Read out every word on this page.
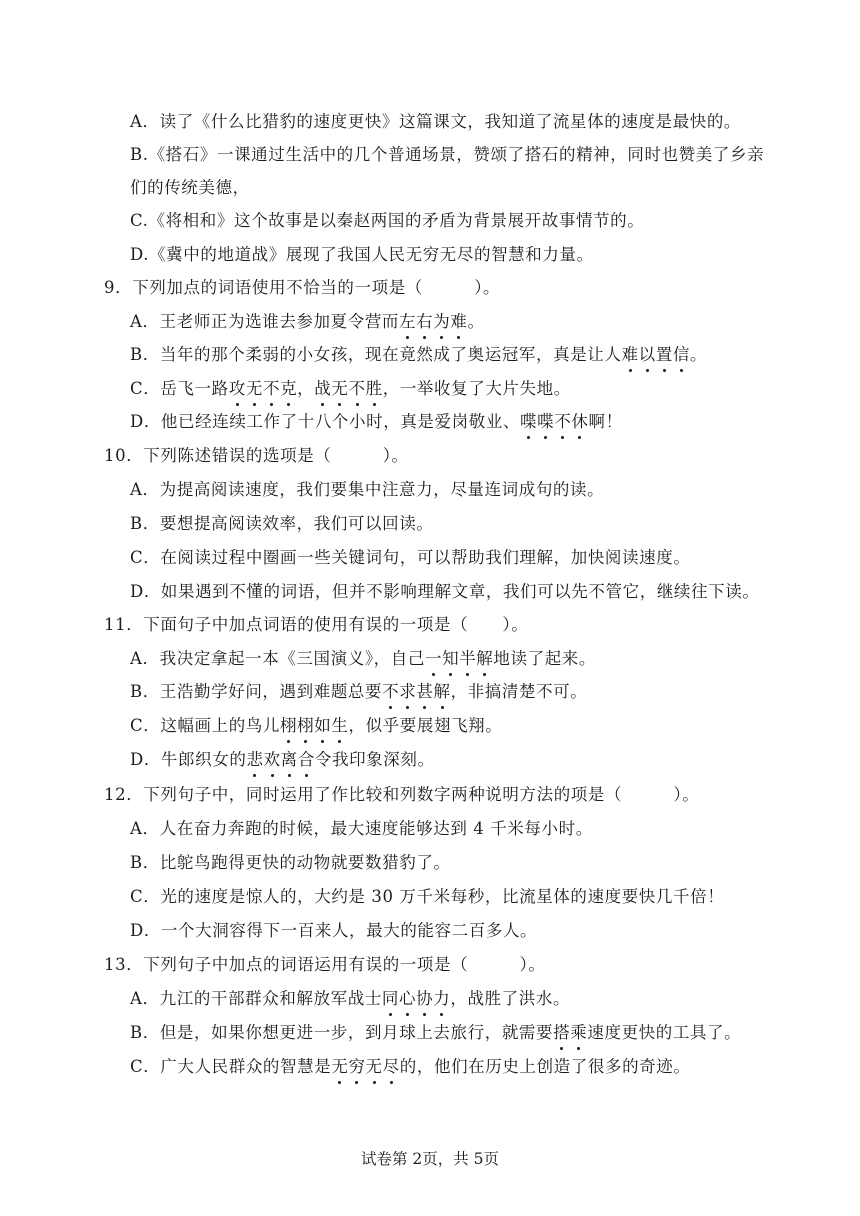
A．读了《什么比猎豹的速度更快》这篇课文，我知道了流星体的速度是最快的。
B.《搭石》一课通过生活中的几个普通场景，赞颂了搭石的精神，同时也赞美了乡亲
们的传统美德，
C.《将相和》这个故事是以秦赵两国的矛盾为背景展开故事情节的。
D.《冀中的地道战》展现了我国人民无穷无尽的智慧和力量。
9．下列加点的词语使用不恰当的一项是（　　　）。
A．王老师正为选谁去参加夏令营而左右为难。
B．当年的那个柔弱的小女孩，现在竟然成了奥运冠军，真是让人难以置信。
C．岳飞一路攻无不克，战无不胜，一举收复了大片失地。
D．他已经连续工作了十八个小时，真是爱岗敬业、喋喋不休啊！
10．下列陈述错误的选项是（　　　）。
A．为提高阅读速度，我们要集中注意力，尽量连词成句的读。
B．要想提高阅读效率，我们可以回读。
C．在阅读过程中圈画一些关键词句，可以帮助我们理解，加快阅读速度。
D．如果遇到不懂的词语，但并不影响理解文章，我们可以先不管它，继续往下读。
11．下面句子中加点词语的使用有误的一项是（　　）。
A．我决定拿起一本《三国演义》，自己一知半解地读了起来。
B．王浩勤学好问，遇到难题总要不求甚解，非搞清楚不可。
C．这幅画上的鸟儿栩栩如生，似乎要展翅飞翔。
D．牛郎织女的悲欢离合令我印象深刻。
12．下列句子中，同时运用了作比较和列数字两种说明方法的项是（　　　）。
A．人在奋力奔跑的时候，最大速度能够达到 4 千米每小时。
B．比鸵鸟跑得更快的动物就要数猎豹了。
C．光的速度是惊人的，大约是 30 万千米每秒，比流星体的速度要快几千倍！
D．一个大洞容得下一百来人，最大的能容二百多人。
13．下列句子中加点的词语运用有误的一项是（　　　）。
A．九江的干部群众和解放军战士同心协力，战胜了洪水。
B．但是，如果你想更进一步，到月球上去旅行，就需要搭乘速度更快的工具了。
C．广大人民群众的智慧是无穷无尽的，他们在历史上创造了很多的奇迹。
试卷第 2页，共 5页
